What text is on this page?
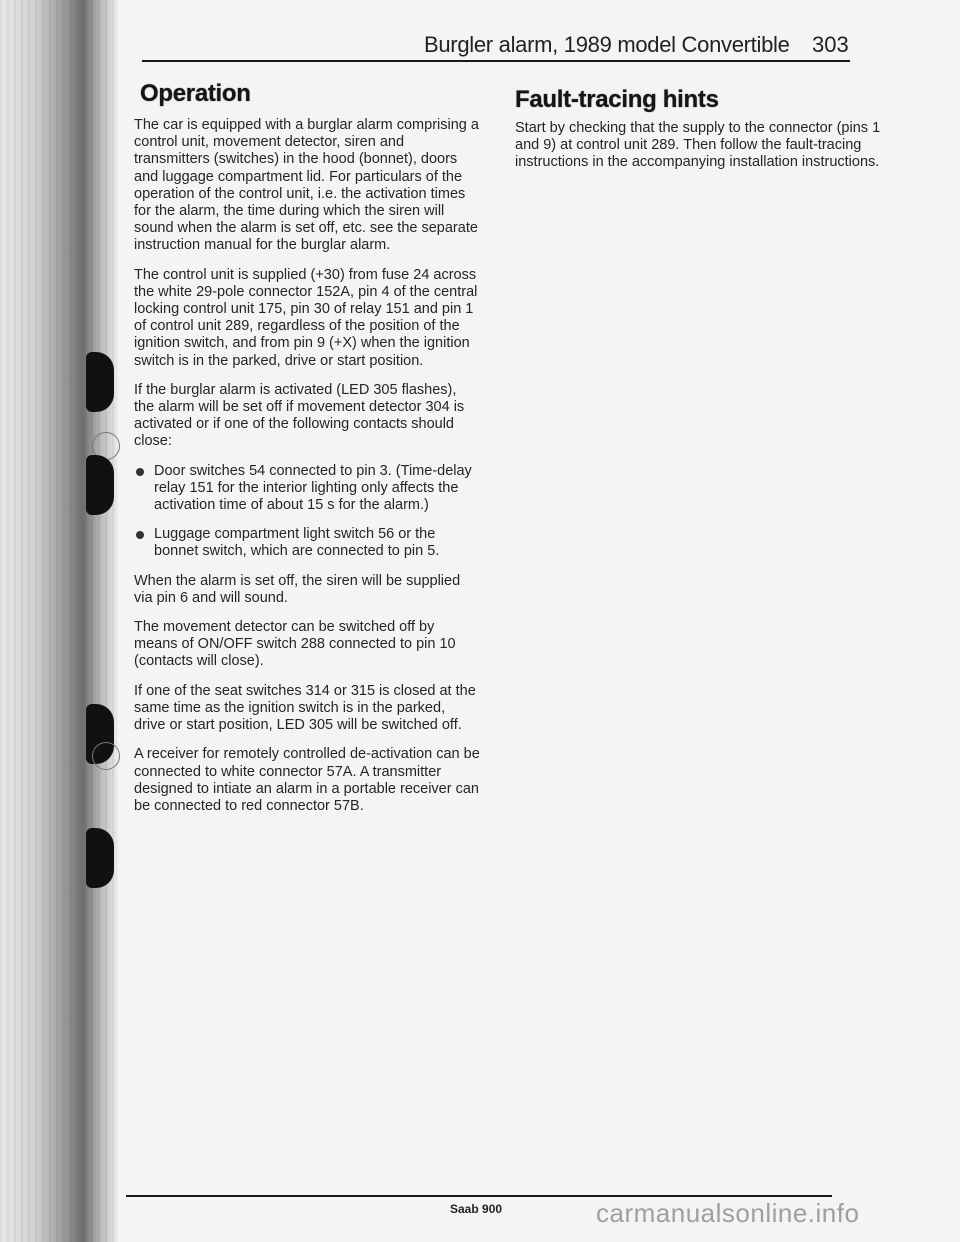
Burgler alarm, 1989 model Convertible 303
Operation	Fault-tracing hints

The car is equipped with a burglar alarm comprising a control unit, movement detector, siren and transmitters (switches) in the hood (bonnet), doors and luggage compartment lid. For particulars of the operation of the control unit, i.e. the activation times for the alarm, the time during which the siren will sound when the alarm is set off, etc. see the separate instruction manual for the burglar alarm.

The control unit is supplied (+30) from fuse 24 across the white 29-pole connector 152A, pin 4 of the central locking control unit 175, pin 30 of relay 151 and pin 1 of control unit 289, regardless of the position of the ignition switch, and from pin 9 (+X) when the ignition switch is in the parked, drive or start position.

If the burglar alarm is activated (LED 305 flashes), the alarm will be set off if movement detector 304 is activated or if one of the following contacts should close:

Door switches 54 connected to pin 3. (Time-delay relay 151 for the interior lighting only affects the activation time of about 15 s for the alarm.)
Luggage compartment light switch 56 or the bonnet switch, which are connected to pin 5.

When the alarm is set off, the siren will be supplied via pin 6 and will sound.

The movement detector can be switched off by means of ON/OFF switch 288 connected to pin 10 (contacts will close).

If one of the seat switches 314 or 315 is closed at the same time as the ignition switch is in the parked, drive or start position, LED 305 will be switched off.

A receiver for remotely controlled de-activation can be connected to white connector 57A. A transmitter designed to intiate an alarm in a portable receiver can be connected to red connector 57B.

Start by checking that the supply to the connector (pins 1 and 9) at control unit 289. Then follow the fault-tracing instructions in the accompanying installation instructions.

Saab 900	carmanualsonline.info
